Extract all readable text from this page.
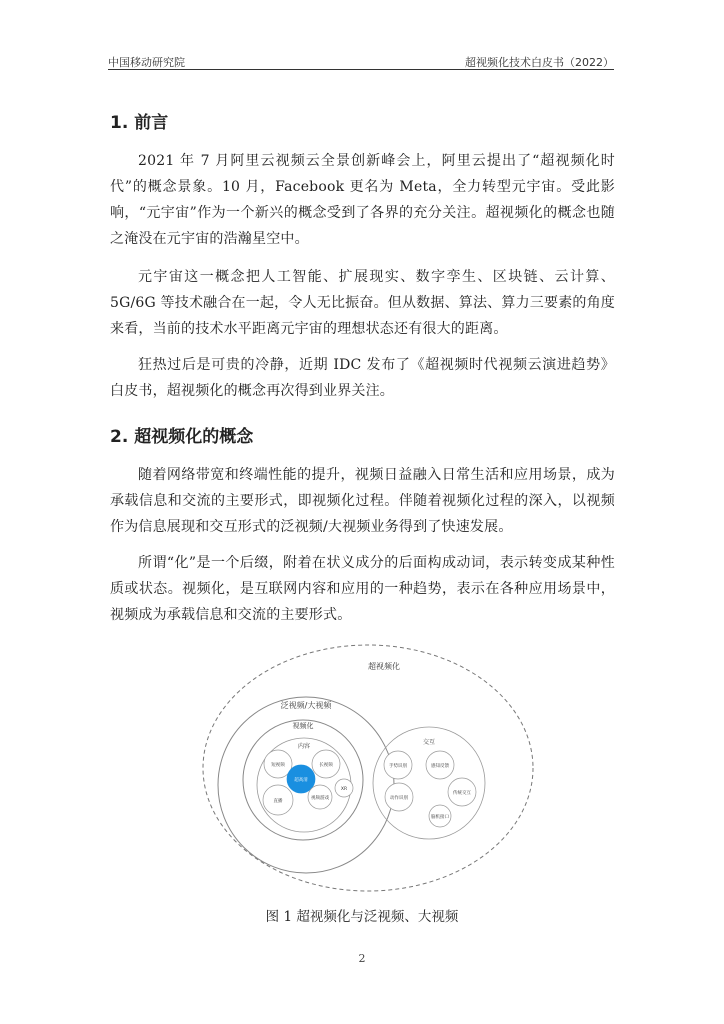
中国移动研究院	超视频化技术白皮书（2022）
1. 前言

2021 年 7 月阿里云视频云全景创新峰会上，阿里云提出了“超视频化时代”的概念景象。10 月，Facebook 更名为 Meta，全力转型元宇宙。受此影响，“元宇宙”作为一个新兴的概念受到了各界的充分关注。超视频化的概念也随之淹没在元宇宙的浩瀚星空中。

元宇宙这一概念把人工智能、扩展现实、数字孪生、区块链、云计算、5G/6G 等技术融合在一起，令人无比振奋。但从数据、算法、算力三要素的角度来看，当前的技术水平距离元宇宙的理想状态还有很大的距离。

狂热过后是可贵的冷静，近期 IDC 发布了《超视频时代视频云演进趋势》白皮书，超视频化的概念再次得到业界关注。

2. 超视频化的概念

随着网络带宽和终端性能的提升，视频日益融入日常生活和应用场景，成为承载信息和交流的主要形式，即视频化过程。伴随着视频化过程的深入，以视频作为信息展现和交互形式的泛视频/大视频业务得到了快速发展。

所谓“化”是一个后缀，附着在状义成分的后面构成动词，表示转变成某种性质或状态。视频化，是互联网内容和应用的一种趋势，表示在各种应用场景中，视频成为承载信息和交流的主要形式。

超视频化
泛视频/大视频
视频化
内容
短视频	长视频
超高清
XR
视频游戏
直播
交互
手势识别	感知反馈
动作识别
传统交互
脑机接口
图 1 超视频化与泛视频、大视频
2
